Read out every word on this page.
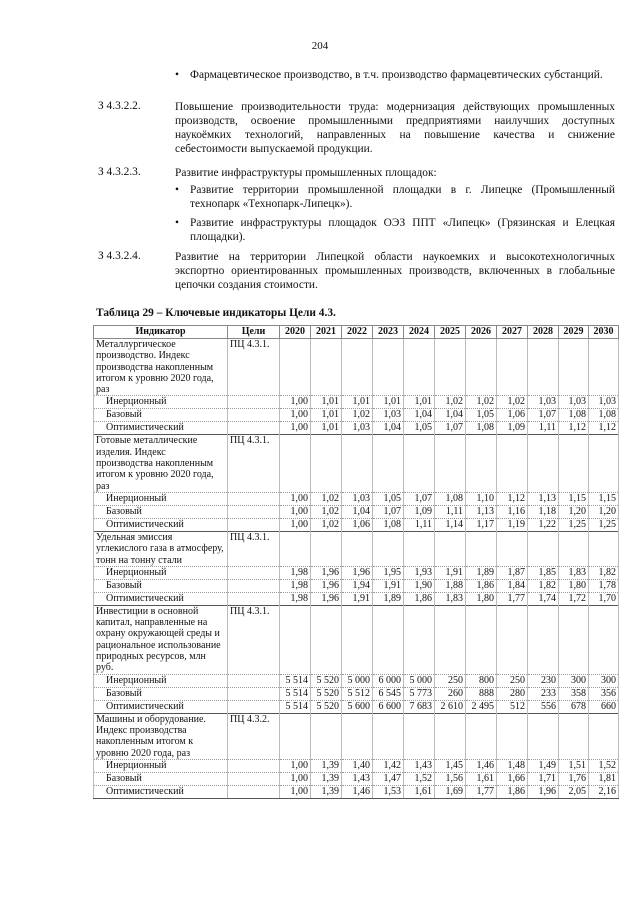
204
• Фармацевтическое производство, в т.ч. производство фармацевтических субстанций.
З 4.3.2.2.	Повышение производительности труда: модернизация действующих промышленных производств, освоение промышленными предприятиями наилучших доступных наукоёмких технологий, направленных на повышение качества и снижение себестоимости выпускаемой продукции.
З 4.3.2.3.	Развитие инфраструктуры промышленных площадок:
• Развитие территории промышленной площадки в г. Липецке (Промышленный технопарк «Технопарк-Липецк»).
• Развитие инфраструктуры площадок ОЭЗ ППТ «Липецк» (Грязинская и Елецкая площадки).
З 4.3.2.4.	Развитие на территории Липецкой области наукоемких и высокотехнологичных экспортно ориентированных промышленных производств, включенных в глобальные цепочки создания стоимости.
Таблица 29 – Ключевые индикаторы Цели 4.3.
Индикатор	Цели	2020	2021	2022	2023	2024	2025	2026	2027	2028	2029	2030
Металлургическое производство. Индекс производства накопленным итогом к уровню 2020 года, раз	ПЦ 4.3.1.											
Инерционный		1,00	1,01	1,01	1,01	1,01	1,02	1,02	1,02	1,03	1,03	1,03
Базовый		1,00	1,01	1,02	1,03	1,04	1,04	1,05	1,06	1,07	1,08	1,08
Оптимистический		1,00	1,01	1,03	1,04	1,05	1,07	1,08	1,09	1,11	1,12	1,12
Готовые металлические изделия. Индекс производства накопленным итогом к уровню 2020 года, раз	ПЦ 4.3.1.											
Инерционный		1,00	1,02	1,03	1,05	1,07	1,08	1,10	1,12	1,13	1,15	1,15
Базовый		1,00	1,02	1,04	1,07	1,09	1,11	1,13	1,16	1,18	1,20	1,20
Оптимистический		1,00	1,02	1,06	1,08	1,11	1,14	1,17	1,19	1,22	1,25	1,25
Удельная эмиссия углекислого газа в атмосферу, тонн на тонну стали	ПЦ 4.3.1.											
Инерционный		1,98	1,96	1,96	1,95	1,93	1,91	1,89	1,87	1,85	1,83	1,82
Базовый		1,98	1,96	1,94	1,91	1,90	1,88	1,86	1,84	1,82	1,80	1,78
Оптимистический		1,98	1,96	1,91	1,89	1,86	1,83	1,80	1,77	1,74	1,72	1,70
Инвестиции в основной капитал, направленные на охрану окружающей среды и рациональное использование природных ресурсов, млн руб.	ПЦ 4.3.1.											
Инерционный		5 514	5 520	5 000	6 000	5 000	250	800	250	230	300	300
Базовый		5 514	5 520	5 512	6 545	5 773	260	888	280	233	358	356
Оптимистический		5 514	5 520	5 600	6 600	7 683	2 610	2 495	512	556	678	660
Машины и оборудование. Индекс производства накопленным итогом к уровню 2020 года, раз	ПЦ 4.3.2.											
Инерционный		1,00	1,39	1,40	1,42	1,43	1,45	1,46	1,48	1,49	1,51	1,52
Базовый		1,00	1,39	1,43	1,47	1,52	1,56	1,61	1,66	1,71	1,76	1,81
Оптимистический		1,00	1,39	1,46	1,53	1,61	1,69	1,77	1,86	1,96	2,05	2,16
